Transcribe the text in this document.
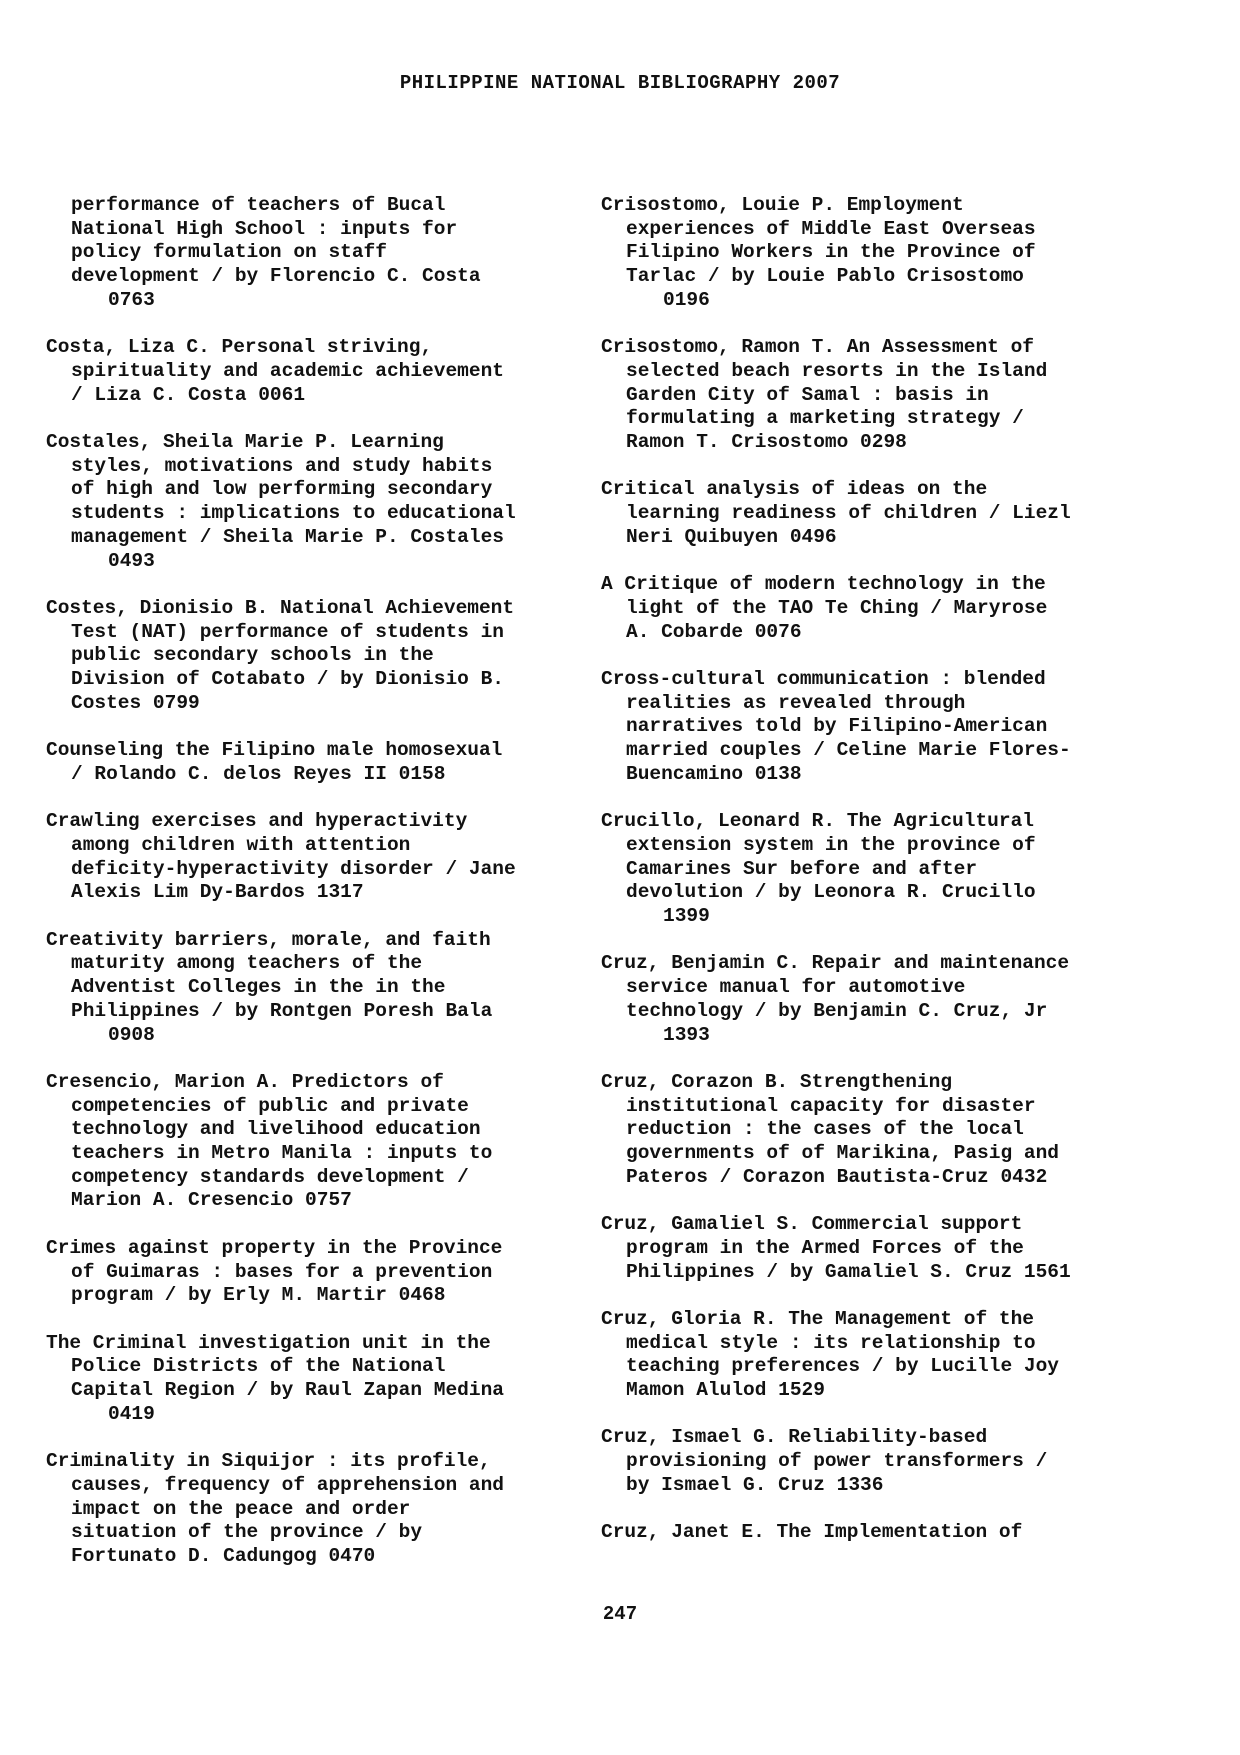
PHILIPPINE NATIONAL BIBLIOGRAPHY 2007
performance of teachers of Bucal
National High School : inputs for
policy formulation on staff
development / by Florencio C. Costa
0763
Costa, Liza C. Personal striving,
spirituality and academic achievement
/ Liza C. Costa 0061
Costales, Sheila Marie P. Learning
styles, motivations and study habits
of high and low performing secondary
students : implications to educational
management / Sheila Marie P. Costales
0493
Costes, Dionisio B. National Achievement
Test (NAT) performance of students in
public secondary schools in the
Division of Cotabato / by Dionisio B.
Costes 0799
Counseling the Filipino male homosexual
/ Rolando C. delos Reyes II 0158
Crawling exercises and hyperactivity
among children with attention
deficity-hyperactivity disorder / Jane
Alexis Lim Dy-Bardos 1317
Creativity barriers, morale, and faith
maturity among teachers of the
Adventist Colleges in the in the
Philippines / by Rontgen Poresh Bala
0908
Cresencio, Marion A. Predictors of
competencies of public and private
technology and livelihood education
teachers in Metro Manila : inputs to
competency standards development /
Marion A. Cresencio 0757
Crimes against property in the Province
of Guimaras : bases for a prevention
program / by Erly M. Martir 0468
The Criminal investigation unit in the
Police Districts of the National
Capital Region / by Raul Zapan Medina
0419
Criminality in Siquijor : its profile,
causes, frequency of apprehension and
impact on the peace and order
situation of the province / by
Fortunato D. Cadungog 0470
Crisostomo, Louie P. Employment
experiences of Middle East Overseas
Filipino Workers in the Province of
Tarlac / by Louie Pablo Crisostomo
0196
Crisostomo, Ramon T. An Assessment of
selected beach resorts in the Island
Garden City of Samal : basis in
formulating a marketing strategy /
Ramon T. Crisostomo 0298
Critical analysis of ideas on the
learning readiness of children / Liezl
Neri Quibuyen 0496
A Critique of modern technology in the
light of the TAO Te Ching / Maryrose
A. Cobarde 0076
Cross-cultural communication : blended
realities as revealed through
narratives told by Filipino-American
married couples / Celine Marie Flores-
Buencamino 0138
Crucillo, Leonard R. The Agricultural
extension system in the province of
Camarines Sur before and after
devolution / by Leonora R. Crucillo
1399
Cruz, Benjamin C. Repair and maintenance
service manual for automotive
technology / by Benjamin C. Cruz, Jr
1393
Cruz, Corazon B. Strengthening
institutional capacity for disaster
reduction : the cases of the local
governments of of Marikina, Pasig and
Pateros / Corazon Bautista-Cruz 0432
Cruz, Gamaliel S. Commercial support
program in the Armed Forces of the
Philippines / by Gamaliel S. Cruz 1561
Cruz, Gloria R. The Management of the
medical style : its relationship to
teaching preferences / by Lucille Joy
Mamon Alulod 1529
Cruz, Ismael G. Reliability-based
provisioning of power transformers /
by Ismael G. Cruz 1336
Cruz, Janet E. The Implementation of
247
